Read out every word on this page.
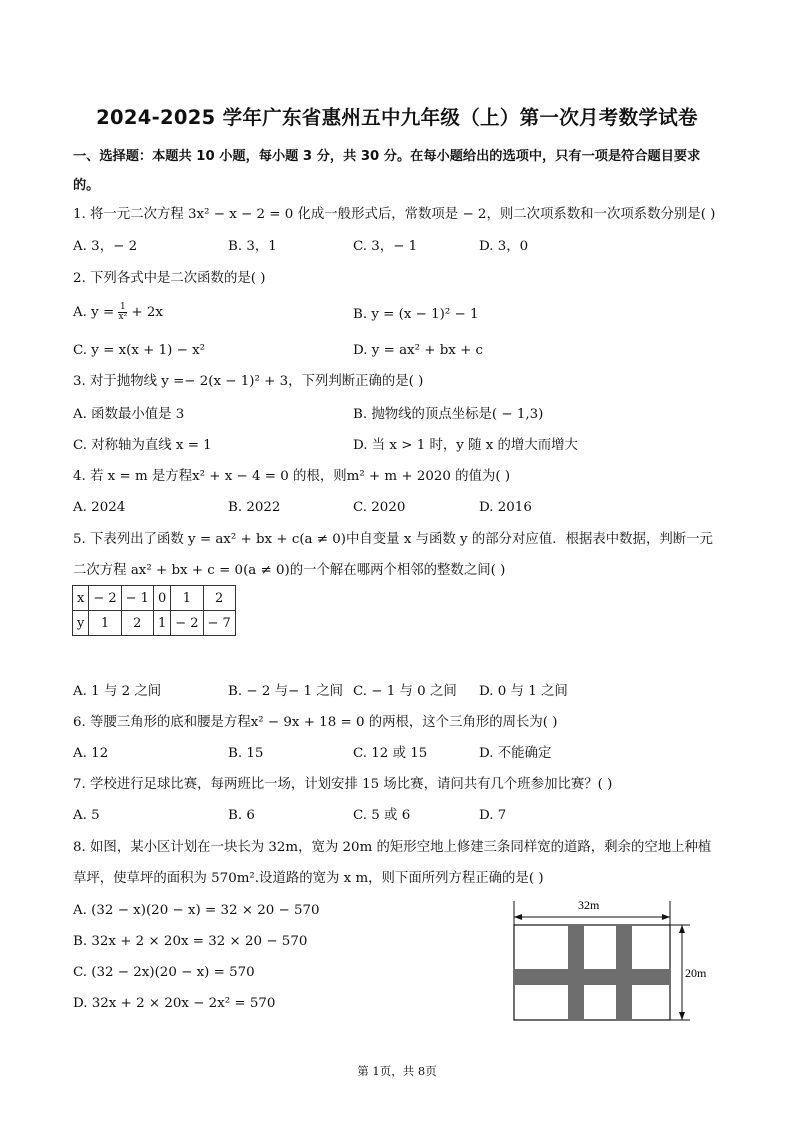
2024-2025 学年广东省惠州五中九年级（上）第一次月考数学试卷
一、选择题：本题共 10 小题，每小题 3 分，共 30 分。在每小题给出的选项中，只有一项是符合题目要求
的。
1. 将一元二次方程 3x² − x − 2 = 0 化成一般形式后，常数项是 − 2，则二次项系数和一次项系数分别是( )
A. 3，− 2	B. 3，1	C. 3，− 1	D. 3，0
2. 下列各式中是二次函数的是( )
A. $y = \frac{1}{\text{x²}} + 2x$	B. y = (x − 1)² − 1
C. y = x(x + 1) − x²	D. y = ax² + bx + c
3. 对于抛物线 y =− 2(x − 1)² + 3，下列判断正确的是( )
A. 函数最小值是 3	B. 抛物线的顶点坐标是( − 1,3)
C. 对称轴为直线 x = 1	D. 当 x > 1 时，y 随 x 的增大而增大
4. 若 x = m 是方程x² + x − 4 = 0 的根，则m² + m + 2020 的值为( )
A. 2024	B. 2022	C. 2020	D. 2016
5. 下表列出了函数 y = ax² + bx + c(a ≠ 0)中自变量 x 与函数 y 的部分对应值．根据表中数据，判断一元
二次方程 ax² + bx + c = 0(a ≠ 0)的一个解在哪两个相邻的整数之间( )
x	− 2	− 1	0	1	2
y	1	2	1	− 2	− 7
A. 1 与 2 之间	B. − 2 与− 1 之间 C. − 1 与 0 之间 D. 0 与 1 之间
6. 等腰三角形的底和腰是方程x² − 9x + 18 = 0 的两根，这个三角形的周长为( )
A. 12	B. 15	C. 12 或 15	D. 不能确定
7. 学校进行足球比赛，每两班比一场，计划安排 15 场比赛，请问共有几个班参加比赛？( )
A. 5	B. 6	C. 5 或 6	D. 7
8. 如图，某小区计划在一块长为 32m，宽为 20m 的矩形空地上修建三条同样宽的道路，剩余的空地上种植
草坪，使草坪的面积为 570m².设道路的宽为 x m，则下面所列方程正确的是( )
A. (32 − x)(20 − x) = 32 × 20 − 570
B. 32x + 2 × 20x = 32 × 20 − 570
C. (32 − 2x)(20 − x) = 570
D. 32x + 2 × 20x − 2x² = 570
32m
20m
第 1页，共 8页
